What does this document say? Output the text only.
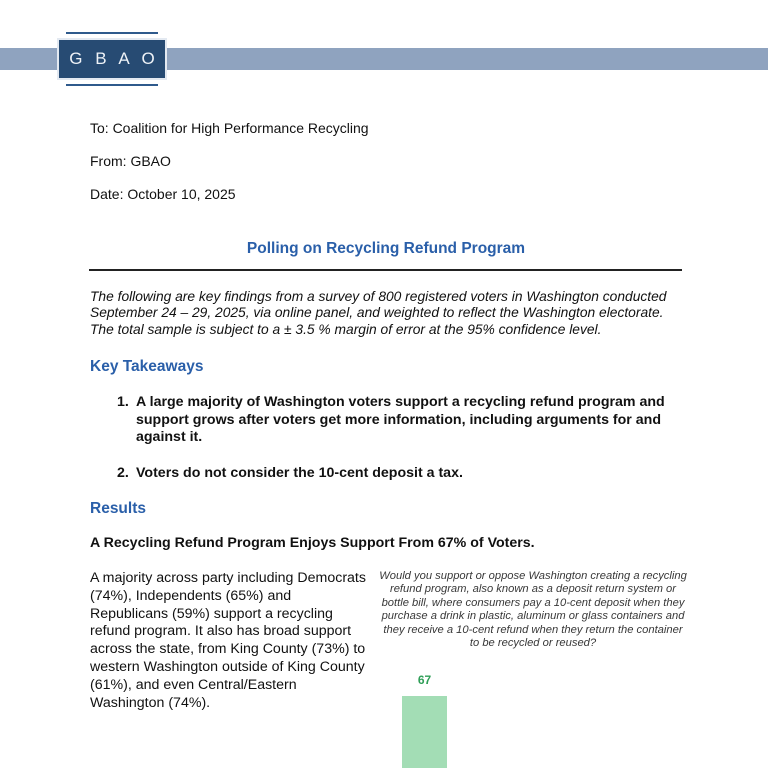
G B A O

To: Coalition for High Performance Recycling

From: GBAO

Date: October 10, 2025

Polling on Recycling Refund Program

The following are key findings from a survey of 800 registered voters in Washington conducted September 24 – 29, 2025, via online panel, and weighted to reflect the Washington electorate. The total sample is subject to a ± 3.5 % margin of error at the 95% confidence level.

Key Takeaways
1. A large majority of Washington voters support a recycling refund program and support grows after voters get more information, including arguments for and against it.
2. Voters do not consider the 10-cent deposit a tax.
Results

A Recycling Refund Program Enjoys Support From 67% of Voters.

A majority across party including Democrats (74%), Independents (65%) and Republicans (59%) support a recycling refund program. It also has broad support across the state, from King County (73%) to western Washington outside of King County (61%), and even Central/Eastern Washington (74%).

Would you support or oppose Washington creating a recycling refund program, also known as a deposit return system or bottle bill, where consumers pay a 10-cent deposit when they purchase a drink in plastic, aluminum or glass containers and they receive a 10-cent refund when they return the container to be recycled or reused?

67
